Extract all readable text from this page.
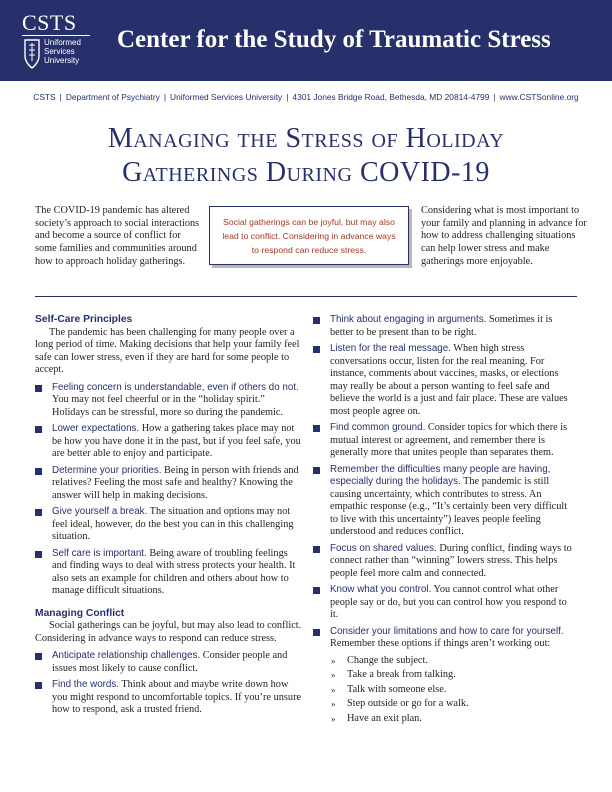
CSTS
Uniformed
Services
University
Center for the Study of Traumatic Stress
CSTS | Department of Psychiatry | Uniformed Services University | 4301 Jones Bridge Road, Bethesda, MD 20814-4799 | www.CSTSonline.org
Managing the Stress of Holiday
Gatherings During COVID-19
The COVID-19 pandemic has altered society’s approach to social interactions and become a source of conflict for some families and communities around how to approach holiday gatherings.
Social gatherings can be joyful, but may also lead to conflict. Considering in advance ways to respond can reduce stress.
Considering what is most important to your family and planning in advance for how to address challenging situations can help lower stress and make gatherings more enjoyable.
Self-Care Principles
The pandemic has been challenging for many people over a long period of time. Making decisions that help your family feel safe can lower stress, even if they are hard for some people to accept.
Feeling concern is understandable, even if others do not. You may not feel cheerful or in the “holiday spirit.” Holidays can be stressful, more so during the pandemic.
Lower expectations. How a gathering takes place may not be how you have done it in the past, but if you feel safe, you are better able to enjoy and participate.
Determine your priorities. Being in person with friends and relatives? Feeling the most safe and healthy? Knowing the answer will help in making decisions.
Give yourself a break. The situation and options may not feel ideal, however, do the best you can in this challenging situation.
Self care is important. Being aware of troubling feelings and finding ways to deal with stress protects your health. It also sets an example for children and others about how to manage difficult situations.
Managing Conflict
Social gatherings can be joyful, but may also lead to conflict. Considering in advance ways to respond can reduce stress.
Anticipate relationship challenges. Consider people and issues most likely to cause conflict.
Find the words. Think about and maybe write down how you might respond to uncomfortable topics. If you’re unsure how to respond, ask a trusted friend.
Think about engaging in arguments. Sometimes it is better to be present than to be right.
Listen for the real message. When high stress conversations occur, listen for the real meaning. For instance, comments about vaccines, masks, or elections may really be about a person wanting to feel safe and believe the world is a just and fair place. These are values most people agree on.
Find common ground. Consider topics for which there is mutual interest or agreement, and remember there is generally more that unites people than separates them.
Remember the difficulties many people are having, especially during the holidays. The pandemic is still causing uncertainty, which contributes to stress. An empathic response (e.g., “It’s certainly been very difficult to live with this uncertainty”) leaves people feeling understood and reduces conflict.
Focus on shared values. During conflict, finding ways to connect rather than “winning” lowers stress. This helps people feel more calm and connected.
Know what you control. You cannot control what other people say or do, but you can control how you respond to it.
Consider your limitations and how to care for yourself. Remember these options if things aren’t working out:
» Change the subject.
» Take a break from talking.
» Talk with someone else.
» Step outside or go for a walk.
» Have an exit plan.
